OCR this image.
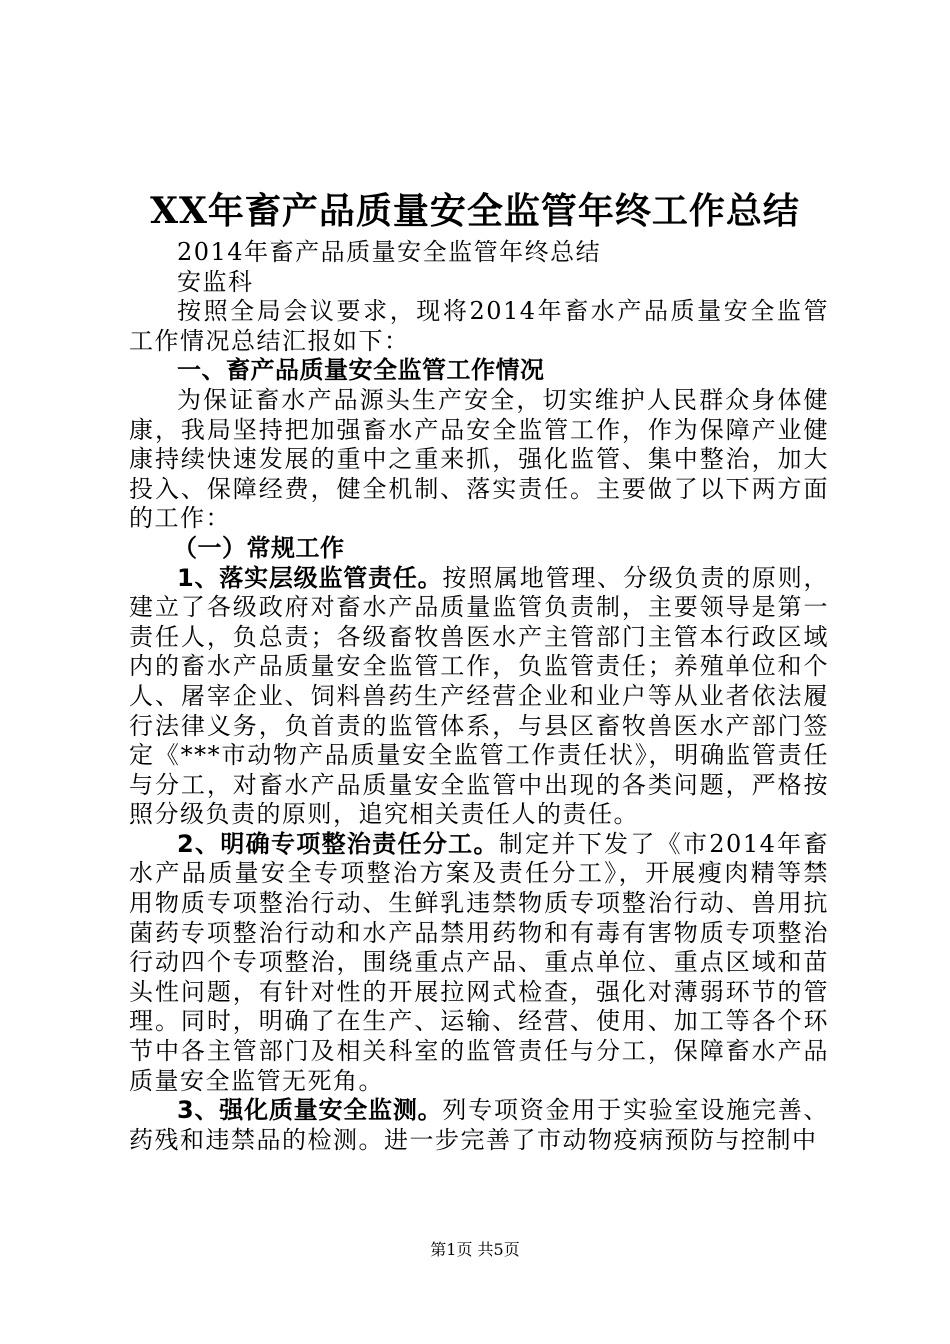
XX年畜产品质量安全监管年终工作总结

2014年畜产品质量安全监管年终总结

安监科

按照全局会议要求，现将2014年畜水产品质量安全监管工作情况总结汇报如下：

一、畜产品质量安全监管工作情况

为保证畜水产品源头生产安全，切实维护人民群众身体健康，我局坚持把加强畜水产品安全监管工作，作为保障产业健康持续快速发展的重中之重来抓，强化监管、集中整治，加大投入、保障经费，健全机制、落实责任。主要做了以下两方面的工作：

（一）常规工作

1、落实层级监管责任。按照属地管理、分级负责的原则，建立了各级政府对畜水产品质量监管负责制，主要领导是第一责任人，负总责；各级畜牧兽医水产主管部门主管本行政区域内的畜水产品质量安全监管工作，负监管责任；养殖单位和个人、屠宰企业、饲料兽药生产经营企业和业户等从业者依法履行法律义务，负首责的监管体系，与县区畜牧兽医水产部门签定《***市动物产品质量安全监管工作责任状》，明确监管责任与分工，对畜水产品质量安全监管中出现的各类问题，严格按照分级负责的原则，追究相关责任人的责任。

2、明确专项整治责任分工。制定并下发了《市2014年畜水产品质量安全专项整治方案及责任分工》，开展瘦肉精等禁用物质专项整治行动、生鲜乳违禁物质专项整治行动、兽用抗菌药专项整治行动和水产品禁用药物和有毒有害物质专项整治行动四个专项整治，围绕重点产品、重点单位、重点区域和苗头性问题，有针对性的开展拉网式检查，强化对薄弱环节的管理。同时，明确了在生产、运输、经营、使用、加工等各个环节中各主管部门及相关科室的监管责任与分工，保障畜水产品质量安全监管无死角。

3、强化质量安全监测。列专项资金用于实验室设施完善、药残和违禁品的检测。进一步完善了市动物疫病预防与控制中

第1页 共5页
